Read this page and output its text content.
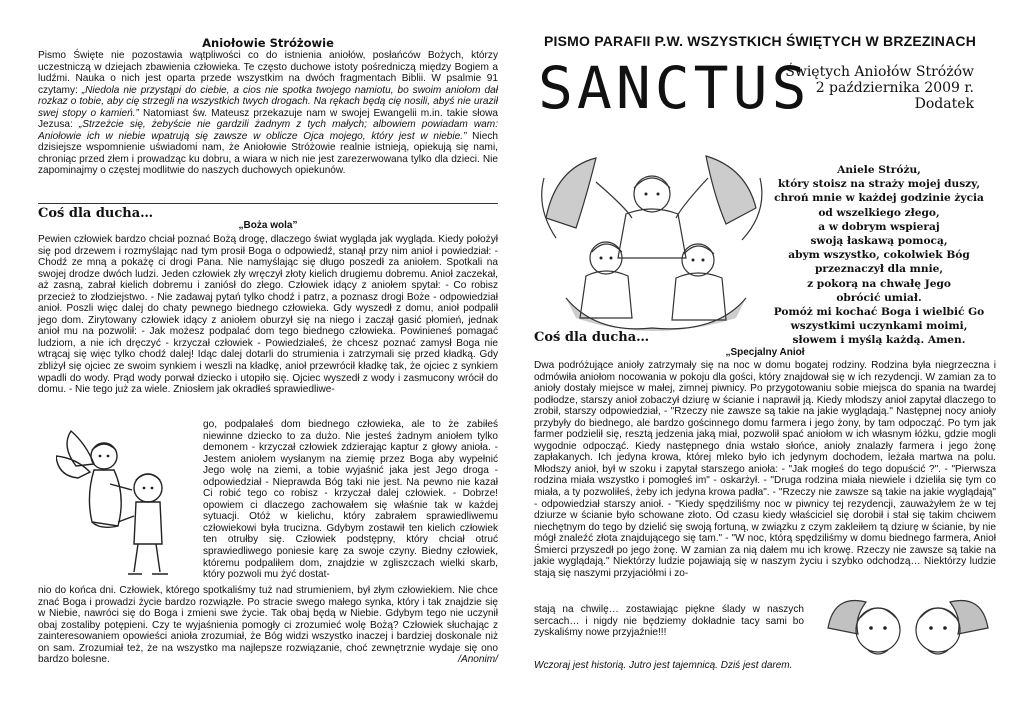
Aniołowie Stróżowie

Pismo Święte nie pozostawia wątpliwości co do istnienia aniołów, posłańców Bożych, którzy uczestniczą w dziejach zbawienia człowieka. Te często duchowe istoty pośredniczą między Bogiem a ludźmi. Nauka o nich jest oparta przede wszystkim na dwóch fragmentach Biblii. W psalmie 91 czytamy: „Niedola nie przystąpi do ciebie, a cios nie spotka twojego namiotu, bo swoim aniołom dał rozkaz o tobie, aby cię strzegli na wszystkich twych drogach. Na rękach będą cię nosili, abyś nie uraził swej stopy o kamień.” Natomiast św. Mateusz przekazuje nam w swojej Ewangelii m.in. takie słowa Jezusa: „Strzeżcie się, żebyście nie gardzili żadnym z tych małych; albowiem powiadam wam: Aniołowie ich w niebie wpatrują się zawsze w oblicze Ojca mojego, który jest w niebie.” Niech dzisiejsze wspomnienie uświadomi nam, że Aniołowie Stróżowie realnie istnieją, opiekują się nami, chroniąc przed złem i prowadząc ku dobru, a wiara w nich nie jest zarezerwowana tylko dla dzieci. Nie zapominajmy o częstej modlitwie do naszych duchowych opiekunów.

Coś dla ducha…
„Boża wola”
Pewien człowiek bardzo chciał poznać Bożą drogę, dlaczego świat wygląda jak wygląda. Kiedy położył się pod drzewem i rozmyślając nad tym prosił Boga o odpowiedź, stanął przy nim anioł i powiedział: - Chodź ze mną a pokażę ci drogi Pana. Nie namyślając się długo poszedł za aniołem. Spotkali na swojej drodze dwóch ludzi. Jeden człowiek zły wręczył złoty kielich drugiemu dobremu. Anioł zaczekał, aż zasną, zabrał kielich dobremu i zaniósł do złego. Człowiek idący z aniołem spytał: - Co robisz przecież to złodziejstwo. - Nie zadawaj pytań tylko chodź i patrz, a poznasz drogi Boże - odpowiedział anioł. Poszli więc dalej do chaty pewnego biednego człowieka. Gdy wyszedł z domu, anioł podpalił jego dom. Zirytowany człowiek idący z aniołem oburzył się na niego i zaczął gasić płomień, jednak anioł mu na pozwolił: - Jak możesz podpalać dom tego biednego człowieka. Powinieneś pomagać ludziom, a nie ich dręczyć - krzyczał człowiek - Powiedziałeś, że chcesz poznać zamysł Boga nie wtrącaj się więc tylko chodź dalej! Idąc dalej dotarli do strumienia i zatrzymali się przed kładką. Gdy zbliżył się ojciec ze swoim synkiem i weszli na kładkę, anioł przewrócił kładkę tak, że ojciec z synkiem wpadli do wody. Prąd wody porwał dziecko i utopiło się. Ojciec wyszedł z wody i zasmucony wrócił do domu. - Nie tego już za wiele. Zniosłem jak okradłeś sprawiedliwe-
go, podpalałeś dom biednego człowieka, ale to że zabiłeś niewinne dziecko to za dużo. Nie jesteś żadnym aniołem tylko demonem - krzyczał człowiek zdzierając kaptur z głowy anioła. - Jestem aniołem wysłanym na ziemię przez Boga aby wypełnić Jego wolę na ziemi, a tobie wyjaśnić jaka jest Jego droga - odpowiedział - Nieprawda Bóg taki nie jest. Na pewno nie kazał Ci robić tego co robisz - krzyczał dalej człowiek. - Dobrze! opowiem ci dlaczego zachowałem się właśnie tak w każdej sytuacji. Otóż w kielichu, który zabrałem sprawiedliwemu człowiekowi była trucizna. Gdybym zostawił ten kielich człowiek ten otrułby się. Człowiek podstępny, który chciał otruć sprawiedliwego poniesie karę za swoje czyny. Biedny człowiek, któremu podpaliłem dom, znajdzie w zgliszczach wielki skarb, który pozwoli mu żyć dostat-
nio do końca dni. Człowiek, którego spotkaliśmy tuż nad strumieniem, był złym człowiekiem. Nie chce znać Boga i prowadzi życie bardzo rozwiązłe. Po stracie swego małego synka, który i tak znajdzie się w Niebie, nawróci się do Boga i zmieni swe życie. Tak obaj będą w Niebie. Gdybym tego nie uczynił obaj zostaliby potępieni. Czy te wyjaśnienia pomogły ci zrozumieć wolę Bożą? Człowiek słuchając z zainteresowaniem opowieści anioła zrozumiał, że Bóg widzi wszystko inaczej i bardziej doskonale niż on sam. Zrozumiał też, że na wszystko ma najlepsze rozwiązanie, choć zewnętrznie wydaje się ono bardzo bolesne.	/Anonim/
PISMO PARAFII P.W. WSZYSTKICH ŚWIĘTYCH W BRZEZINACH
SANCTUS
Świętych Aniołów Stróżów
2 października 2009 r.
Dodatek
Aniele Stróżu,
który stoisz na straży mojej duszy,
chroń mnie w każdej godzinie życia
od wszelkiego złego,
a w dobrym wspieraj
swoją łaskawą pomocą,
abym wszystko, cokolwiek Bóg
przeznaczył dla mnie,
z pokorą na chwałę Jego
obrócić umiał.
Pomóż mi kochać Boga i wielbić Go
wszystkimi uczynkami moimi,
słowem i myślą każdą. Amen.
Coś dla ducha…
„Specjalny Anioł
Dwa podróżujące anioły zatrzymały się na noc w domu bogatej rodziny. Rodzina była niegrzeczna i odmówiła aniołom nocowania w pokoju dla gości, który znajdował się w ich rezydencji. W zamian za to anioły dostały miejsce w małej, zimnej piwnicy. Po przygotowaniu sobie miejsca do spania na twardej podłodze, starszy anioł zobaczył dziurę w ścianie i naprawił ją. Kiedy młodszy anioł zapytał dlaczego to zrobił, starszy odpowiedział, - "Rzeczy nie zawsze są takie na jakie wyglądają." Następnej nocy anioły przybyły do biednego, ale bardzo gościnnego domu farmera i jego żony, by tam odpocząć. Po tym jak farmer podzielił się, resztą jedzenia jaką miał, pozwolił spać aniołom w ich własnym łóżku, gdzie mogli wygodnie odpocząć. Kiedy następnego dnia wstało słońce, anioły znalazły farmera i jego żonę zapłakanych. Ich jedyna krowa, której mleko było ich jedynym dochodem, leżała martwa na polu. Młodszy anioł, był w szoku i zapytał starszego anioła: - "Jak mogłeś do tego dopuścić ?". - "Pierwsza rodzina miała wszystko i pomogłeś im" - oskarżył. - "Druga rodzina miała niewiele i dzieliła się tym co miała, a ty pozwoliłeś, żeby ich jedyna krowa padła". - "Rzeczy nie zawsze są takie na jakie wyglądają" - odpowiedział starszy anioł. - "Kiedy spędziliśmy noc w piwnicy tej rezydencji, zauważyłem że w tej dziurze w ścianie było schowane złoto. Od czasu kiedy właściciel się dorobił i stał się takim chciwem niechętnym do tego by dzielić się swoją fortuną, w związku z czym zakleiłem tą dziurę w ścianie, by nie mógł znaleźć złota znajdującego się tam." - "W noc, którą spędziliśmy w domu biednego farmera, Anioł Śmierci przyszedł po jego żonę. W zamian za nią dałem mu ich krowę. Rzeczy nie zawsze są takie na jakie wyglądają." Niektórzy ludzie pojawiają się w naszym życiu i szybko odchodzą… Niektórzy ludzie stają się naszymi przyjaciółmi i zo-
stają na chwilę… zostawiając piękne ślady w naszych sercach… i nigdy nie będziemy dokładnie tacy sami bo zyskaliśmy nowe przyjaźnie!!!
Wczoraj jest historią. Jutro jest tajemnicą. Dziś jest darem.
